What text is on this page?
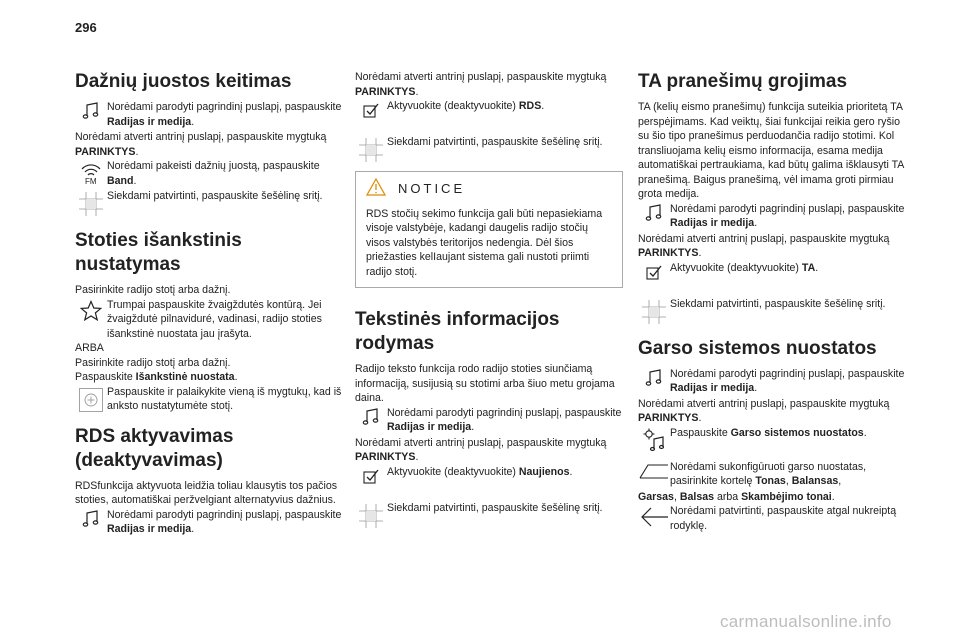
296
Dažnių juostos keitimas

Norėdami parodyti pagrindinį puslapį, paspauskite Radijas ir medija.

Norėdami atverti antrinį puslapį, paspauskite mygtuką PARINKTYS.

FM

Norėdami pakeisti dažnių juostą, paspauskite Band.

Siekdami patvirtinti, paspauskite šešėlinę sritį.

Stoties išankstinis nustatymas

Pasirinkite radijo stotį arba dažnį.

Trumpai paspauskite žvaigždutės kontūrą. Jei žvaigždutė pilnaviduré, vadinasi, radijo stoties išankstinė nuostata jau įrašyta.

ARBA

Pasirinkite radijo stotį arba dažnį.

Paspauskite Išankstinė nuostata.

Paspauskite ir palaikykite vieną iš mygtukų, kad iš anksto nustatytumėte stotį.

RDS aktyvavimas (deaktyvavimas)

RDSfunkcija aktyvuota leidžia toliau klausytis tos pačios stoties, automatiškai peržvelgiant alternatyvius dažnius.

Norėdami parodyti pagrindinį puslapį, paspauskite Radijas ir medija.

Norėdami atverti antrinį puslapį, paspauskite mygtuką PARINKTYS.

Aktyvuokite (deaktyvuokite) RDS.

Siekdami patvirtinti, paspauskite šešėlinę sritį.

NOTICE

RDS stočių sekimo funkcija gali būti nepasiekiama visoje valstybėje, kadangi daugelis radijo stočių visos valstybės teritorijos nedengia. Dėl šios priežasties kelIaujant sistema gali nustoti priimti radijo stotį.

Tekstinės informacijos rodymas

Radijo teksto funkcija rodo radijo stoties siunčiamą informaciją, susijusią su stotimi arba šiuo metu grojama daina.

Norėdami parodyti pagrindinį puslapį, paspauskite Radijas ir medija.

Norėdami atverti antrinį puslapį, paspauskite mygtuką PARINKTYS.

Aktyvuokite (deaktyvuokite) Naujienos.

Siekdami patvirtinti, paspauskite šešėlinę sritį.

TA pranešimų grojimas

TA (kelių eismo pranešimų) funkcija suteikia prioritetą TA perspėjimams. Kad veiktų, šiai funkcijai reikia gero ryšio su šio tipo pranešimus perduodančia radijo stotimi. Kol transliuojama kelių eismo informacija, esama medija automatiškai pertraukiama, kad būtų galima išklausyti TA pranešimą. Baigus pranešimą, vėl imama groti pirmiau grota medija.

Norėdami parodyti pagrindinį puslapį, paspauskite Radijas ir medija.

Norėdami atverti antrinį puslapį, paspauskite mygtuką PARINKTYS.

Aktyvuokite (deaktyvuokite) TA.

Siekdami patvirtinti, paspauskite šešėlinę sritį.

Garso sistemos nuostatos

Norėdami parodyti pagrindinį puslapį, paspauskite Radijas ir medija.

Norėdami atverti antrinį puslapį, paspauskite mygtuką PARINKTYS.

Paspauskite Garso sistemos nuostatos.

Norėdami sukonfigūruoti garso nuostatas, pasirinkite kortelę Tonas, Balansas,

Garsas, Balsas arba Skambėjimo tonai.

Norėdami patvirtinti, paspauskite atgal nukreiptą rodyklę.

carmanualsonline.info
